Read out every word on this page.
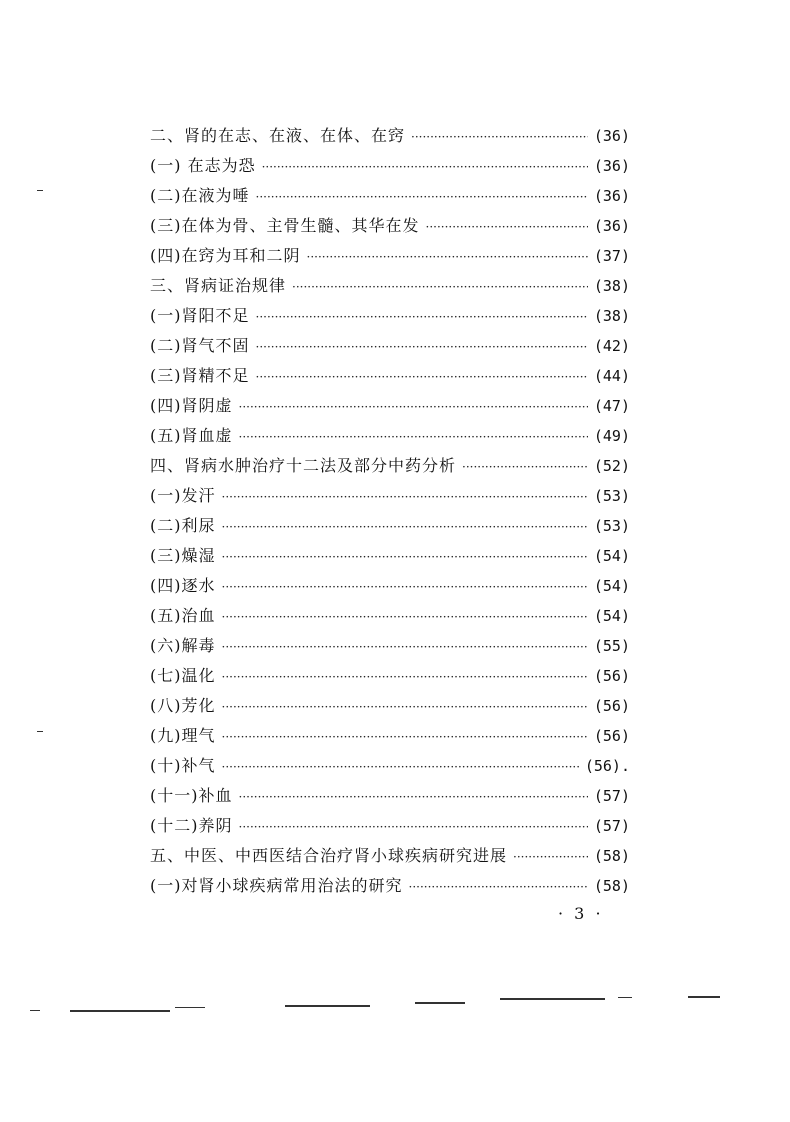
二、肾的在志、在液、在体、在窍 ·····	(36)
(一) 在志为恐 ·····	(36)
(二)在液为唾 ·····	(36)
(三)在体为骨、主骨生髓、其华在发 ·····	(36)
(四)在窍为耳和二阴 ·····	(37)
三、肾病证治规律 ·····	(38)
(一)肾阳不足 ·····	(38)
(二)肾气不固 ·····	(42)
(三)肾精不足 ·····	(44)
(四)肾阴虚 ·····	(47)
(五)肾血虚 ·····	(49)
四、肾病水肿治疗十二法及部分中药分析 ·····	(52)
(一)发汗 ·····	(53)
(二)利尿 ·····	(53)
(三)燥湿 ·····	(54)
(四)逐水 ·····	(54)
(五)治血 ·····	(54)
(六)解毒 ·····	(55)
(七)温化 ·····	(56)
(八)芳化 ·····	(56)
(九)理气 ·····	(56)
(十)补气 ·····	(56).
(十一)补血 ·····	(57)
(十二)养阴 ·····	(57)
五、中医、中西医结合治疗肾小球疾病研究进展 ·····	(58)
(一)对肾小球疾病常用治法的研究 ·····	(58)
· 3 ·
